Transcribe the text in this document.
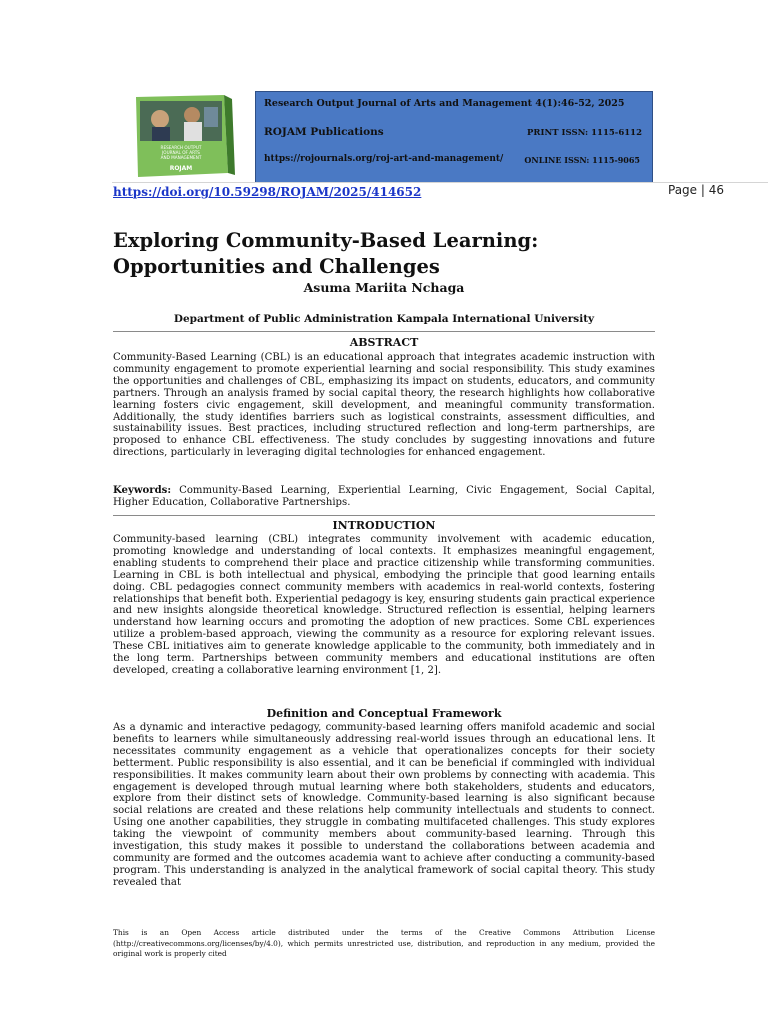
RESEARCH OUTPUT
JOURNAL OF ARTS
AND MANAGEMENT
ROJAM
Research Output Journal of Arts and Management 4(1):46-52, 2025
ROJAM Publications	PRINT ISSN: 1115-6112
https://rojournals.org/roj-art-and-management/	ONLINE ISSN: 1115-9065
https://doi.org/10.59298/ROJAM/2025/414652	Page | 46
Exploring Community-Based Learning: Opportunities and Challenges
Asuma Mariita Nchaga
Department of Public Administration Kampala International University
ABSTRACT

Community-Based Learning (CBL) is an educational approach that integrates academic instruction with community engagement to promote experiential learning and social responsibility. This study examines the opportunities and challenges of CBL, emphasizing its impact on students, educators, and community partners. Through an analysis framed by social capital theory, the research highlights how collaborative learning fosters civic engagement, skill development, and meaningful community transformation. Additionally, the study identifies barriers such as logistical constraints, assessment difficulties, and sustainability issues. Best practices, including structured reflection and long-term partnerships, are proposed to enhance CBL effectiveness. The study concludes by suggesting innovations and future directions, particularly in leveraging digital technologies for enhanced engagement.

Keywords: Community-Based Learning, Experiential Learning, Civic Engagement, Social Capital, Higher Education, Collaborative Partnerships.

INTRODUCTION

Community-based learning (CBL) integrates community involvement with academic education, promoting knowledge and understanding of local contexts. It emphasizes meaningful engagement, enabling students to comprehend their place and practice citizenship while transforming communities. Learning in CBL is both intellectual and physical, embodying the principle that good learning entails doing. CBL pedagogies connect community members with academics in real-world contexts, fostering relationships that benefit both. Experiential pedagogy is key, ensuring students gain practical experience and new insights alongside theoretical knowledge. Structured reflection is essential, helping learners understand how learning occurs and promoting the adoption of new practices. Some CBL experiences utilize a problem-based approach, viewing the community as a resource for exploring relevant issues. These CBL initiatives aim to generate knowledge applicable to the community, both immediately and in the long term. Partnerships between community members and educational institutions are often developed, creating a collaborative learning environment [1, 2].

Definition and Conceptual Framework

As a dynamic and interactive pedagogy, community-based learning offers manifold academic and social benefits to learners while simultaneously addressing real-world issues through an educational lens. It necessitates community engagement as a vehicle that operationalizes concepts for their society betterment. Public responsibility is also essential, and it can be beneficial if commingled with individual responsibilities. It makes community learn about their own problems by connecting with academia. This engagement is developed through mutual learning where both stakeholders, students and educators, explore from their distinct sets of knowledge. Community-based learning is also significant because social relations are created and these relations help community intellectuals and students to connect. Using one another capabilities, they struggle in combating multifaceted challenges. This study explores taking the viewpoint of community members about community-based learning. Through this investigation, this study makes it possible to understand the collaborations between academia and community are formed and the outcomes academia want to achieve after conducting a community-based program. This understanding is analyzed in the analytical framework of social capital theory. This study revealed that

This is an Open Access article distributed under the terms of the Creative Commons Attribution License (http://creativecommons.org/licenses/by/4.0), which permits unrestricted use, distribution, and reproduction in any medium, provided the original work is properly cited
